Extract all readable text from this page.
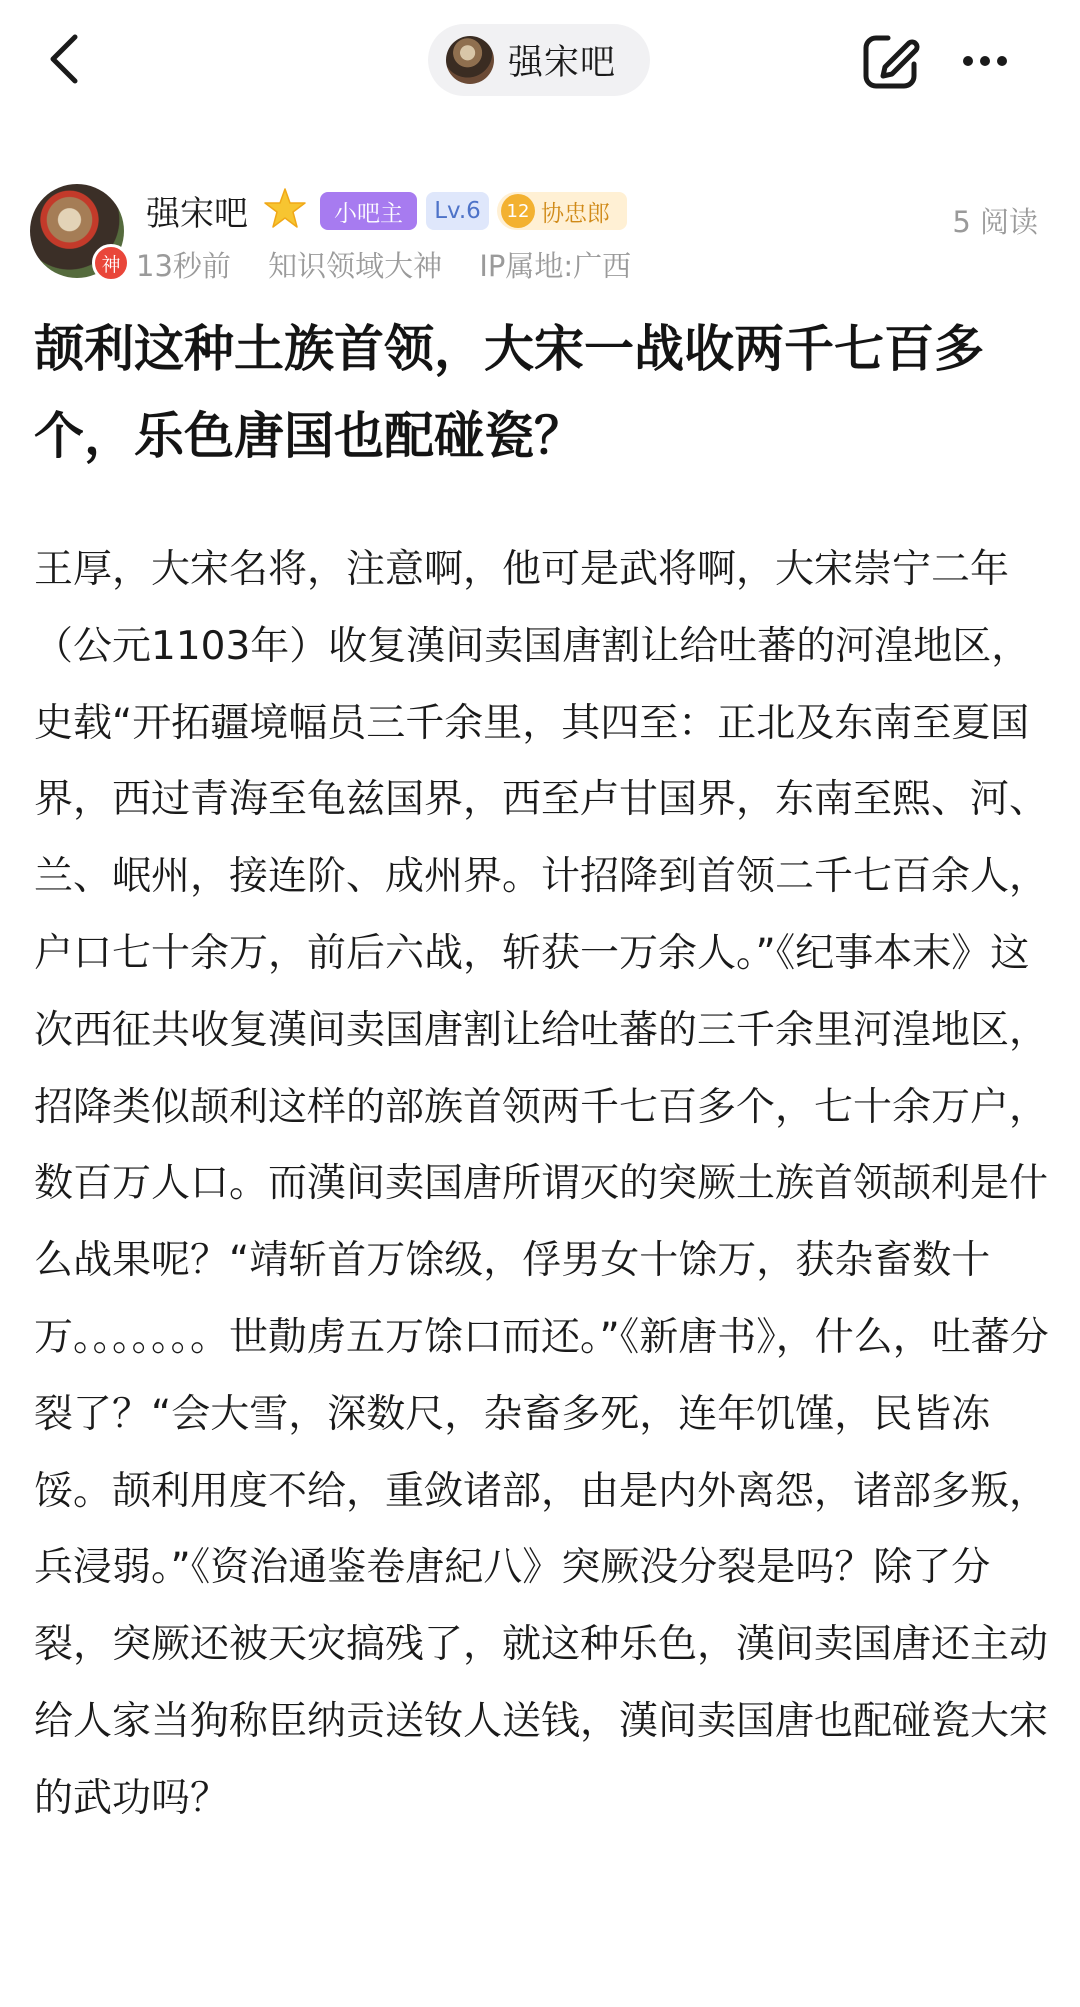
强宋吧
神
强宋吧	小吧主	Lv.6	12 协忠郎	5 阅读
13秒前 知识领域大神 IP属地:广西
颉利这种土族首领，大宋一战收两千七百多个，乐色唐国也配碰瓷？
王厚，大宋名将，注意啊，他可是武将啊，大宋崇宁二年（公元1103年）收复漢间卖国唐割让给吐蕃的河湟地区，史载“开拓疆境幅员三千余里，其四至：正北及东南至夏国界，西过青海至龟兹国界，西至卢甘国界，东南至熙、河、兰、岷州，接连阶、成州界。计招降到首领二千七百余人，户口七十余万，前后六战，斩获一万余人。”《纪事本末》这次西征共收复漢间卖国唐割让给吐蕃的三千余里河湟地区，招降类似颉利这样的部族首领两千七百多个，七十余万户，数百万人口。而漢间卖国唐所谓灭的突厥土族首领颉利是什么战果呢？“靖斩首万馀级，俘男女十馀万，获杂畜数十万。。。。。。。世勣虏五万馀口而还。”《新唐书》，什么，吐蕃分裂了？“会大雪，深数尺，杂畜多死，连年饥馑，民皆冻馁。颉利用度不给，重敛诸部，由是内外离怨，诸部多叛，兵浸弱。”《资治通鉴卷唐紀八》突厥没分裂是吗？除了分裂，突厥还被天灾搞残了，就这种乐色，漢间卖国唐还主动给人家当狗称臣纳贡送钕人送钱，漢间卖国唐也配碰瓷大宋的武功吗？
